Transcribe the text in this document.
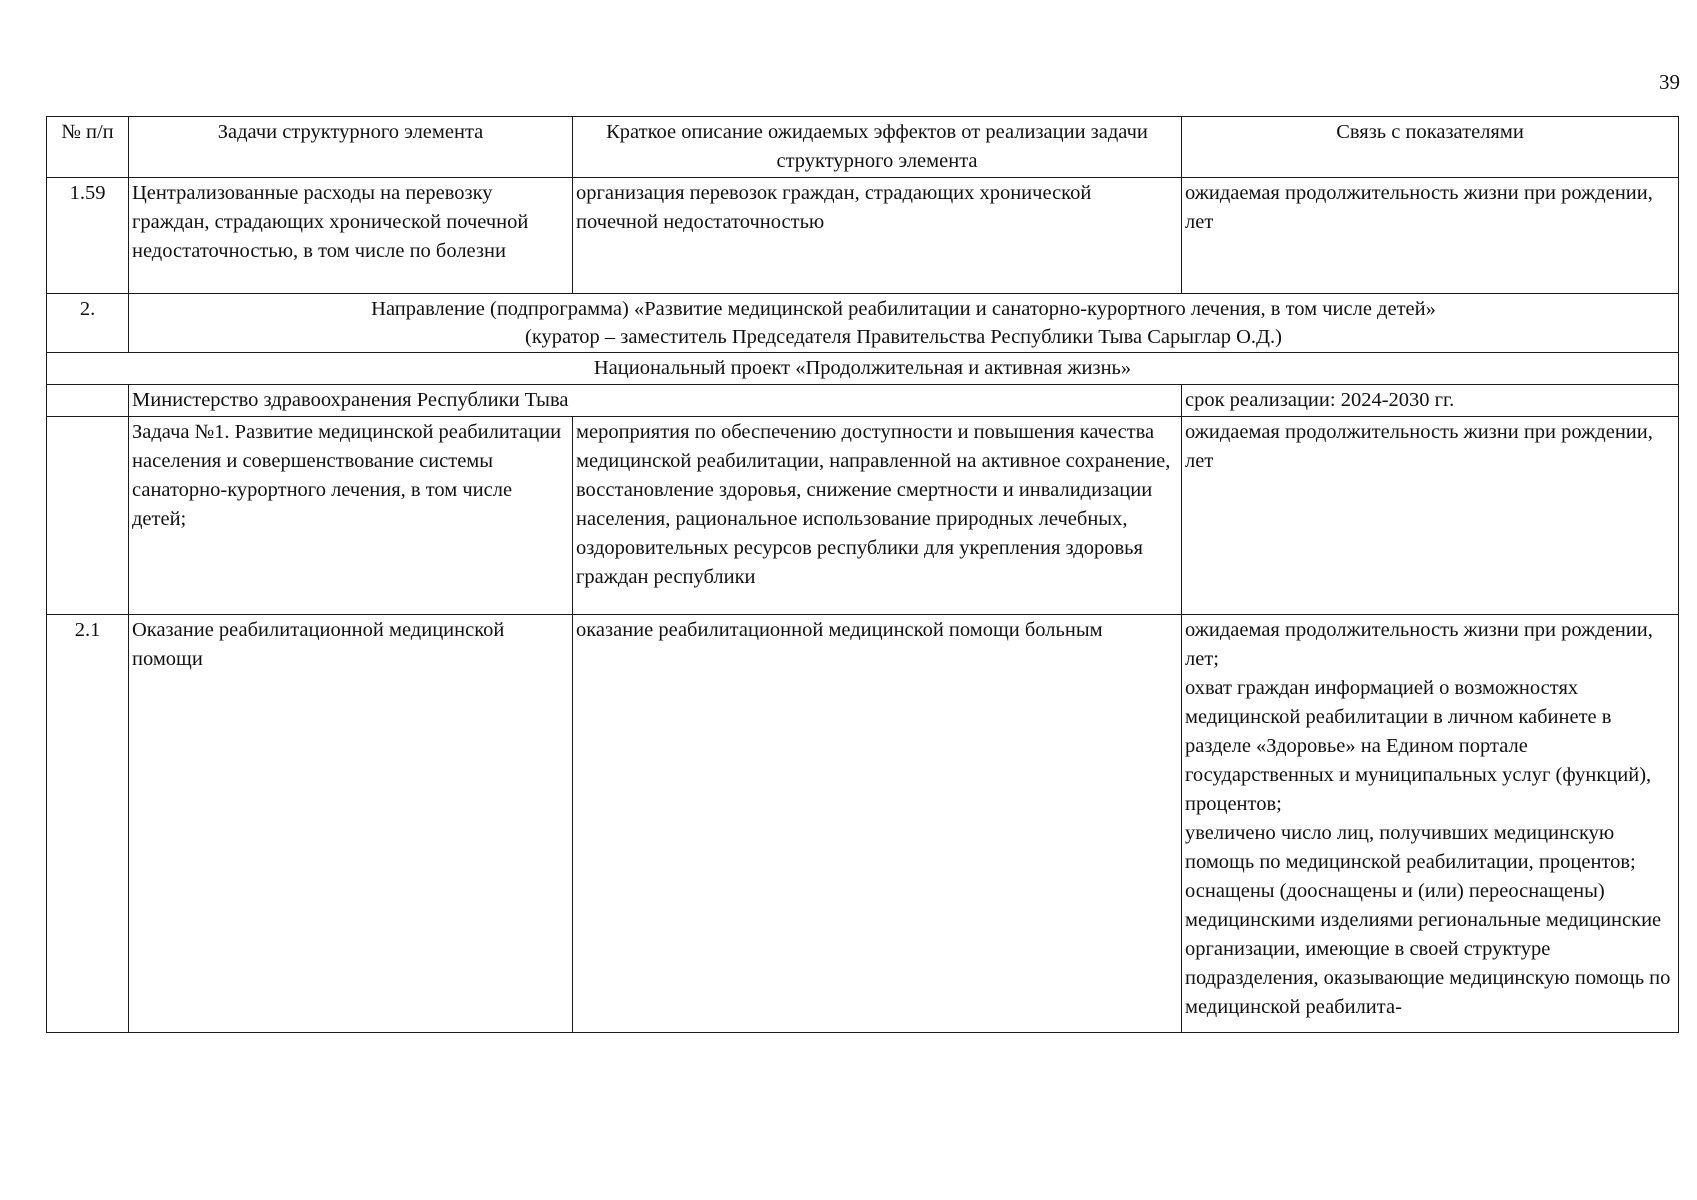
39
№ п/п	Задачи структурного элемента	Краткое описание ожидаемых эффектов от реализации задачи структурного элемента	Связь с показателями
1.59	Централизованные расходы на перевозку граждан, страдающих хронической почечной недостаточностью, в том числе по болезни	организация перевозок граждан, страдающих хронической почечной недостаточностью	ожидаемая продолжительность жизни при рождении, лет
2.	Направление (подпрограмма) «Развитие медицинской реабилитации и санаторно-курортного лечения, в том числе детей»
(куратор – заместитель Председателя Правительства Республики Тыва Сарыглар О.Д.)		

Национальный проект «Продолжительная и активная жизнь»			
	Министерство здравоохранения Республики Тыва		срок реализации: 2024-2030 гг.
	Задача №1. Развитие медицинской реабилитации населения и совершенствование системы санаторно-курортного лечения, в том числе детей;	мероприятия по обеспечению доступности и повышения качества медицинской реабилитации, направленной на активное сохранение, восстановление здоровья, снижение смертности и инвалидизации населения, рациональное использование природных лечебных, оздоровительных ресурсов республики для укрепления здоровья граждан республики	ожидаемая продолжительность жизни при рождении, лет
2.1	Оказание реабилитационной медицинской помощи	оказание реабилитационной медицинской помощи больным	ожидаемая продолжительность жизни при рождении, лет;
охват граждан информацией о возможностях медицинской реабилитации в личном кабинете в разделе «Здоровье» на Едином портале государственных и муниципальных услуг (функций), процентов;
увеличено число лиц, получивших медицинскую помощь по медицинской реабилитации, процентов;
оснащены (дооснащены и (или) переоснащены) медицинскими изделиями региональные медицинские организации, имеющие в своей структуре подразделения, оказывающие медицинскую помощь по медицинской реабилита-
